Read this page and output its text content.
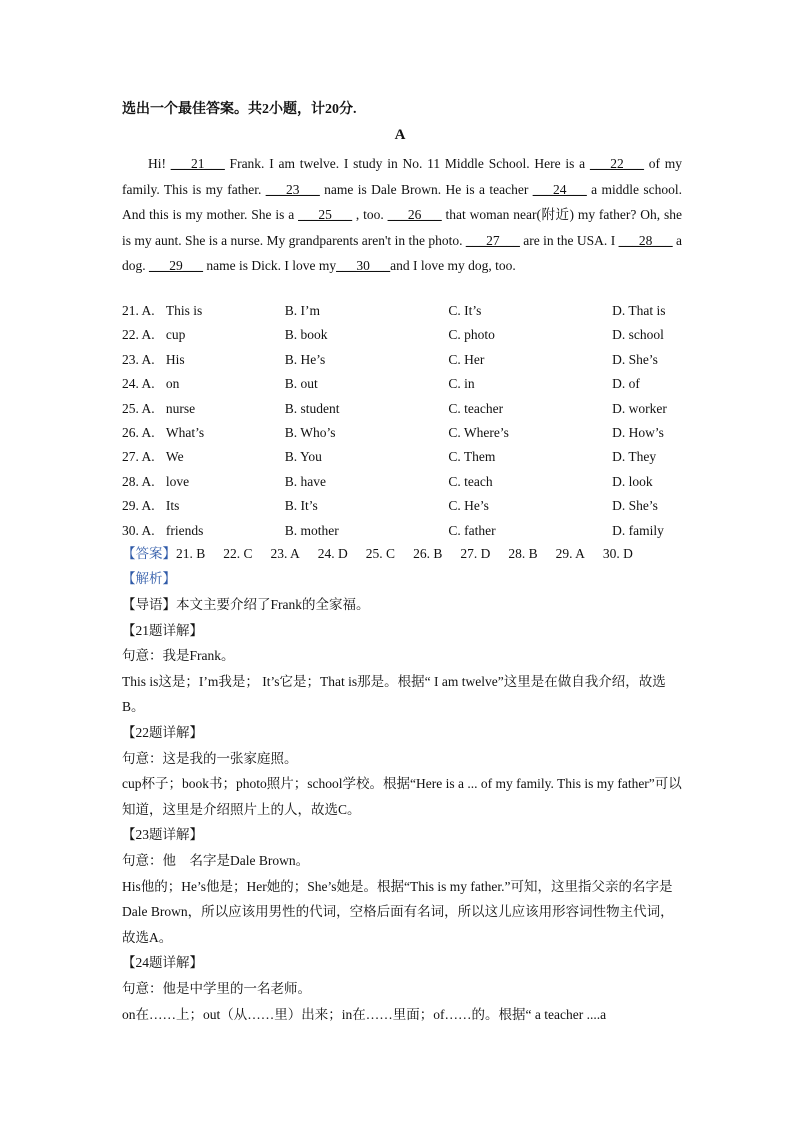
选出一个最佳答案。共2小题，计20分.
A

Hi! ___21___ Frank. I am twelve. I study in No. 11 Middle School. Here is a ___22___ of my family. This is my father. ___23___ name is Dale Brown. He is a teacher ___24___ a middle school. And this is my mother. She is a ___25___ , too. ___26___ that woman near(附近) my father? Oh, she is my aunt. She is a nurse. My grandparents aren't in the photo. ___27___ are in the USA. I ___28___ a dog. ___29___ name is Dick. I love my___30___and I love my dog, too.

21. A. This is	B. I’m	C. It’s	D. That is
22. A. cup	B. book	C. photo	D. school
23. A. His	B. He’s	C. Her	D. She’s
24. A. on	B. out	C. in	D. of
25. A. nurse	B. student	C. teacher	D. worker
26. A. What’s	B. Who’s	C. Where’s	D. How’s
27. A. We	B. You	C. Them	D. They
28. A. love	B. have	C. teach	D. look
29. A. Its	B. It’s	C. He’s	D. She’s
30. A. friends	B. mother	C. father	D. family
【答案】 21. B 22. C 23. A 24. D 25. C 26. B 27. D 28. B 29. A 30. D
【解析】

【导语】本文主要介绍了Frank的全家福。

【21题详解】

句意：我是Frank。

This is这是；I’m我是； It’s它是；That is那是。根据“ I am twelve”这里是在做自我介绍，故选B。

【22题详解】

句意：这是我的一张家庭照。

cup杯子；book书；photo照片；school学校。根据“Here is a ... of my family. This is my father”可以知道，这里是介绍照片上的人，故选C。

【23题详解】

句意：他　名字是Dale Brown。

His他的；He’s他是；Her她的；She’s她是。根据“This is my father.”可知，这里指父亲的名字是Dale Brown，所以应该用男性的代词，空格后面有名词，所以这儿应该用形容词性物主代词，故选A。

【24题详解】

句意：他是中学里的一名老师。

on在……上；out（从……里）出来；in在……里面；of……的。根据“ a teacher ....a
